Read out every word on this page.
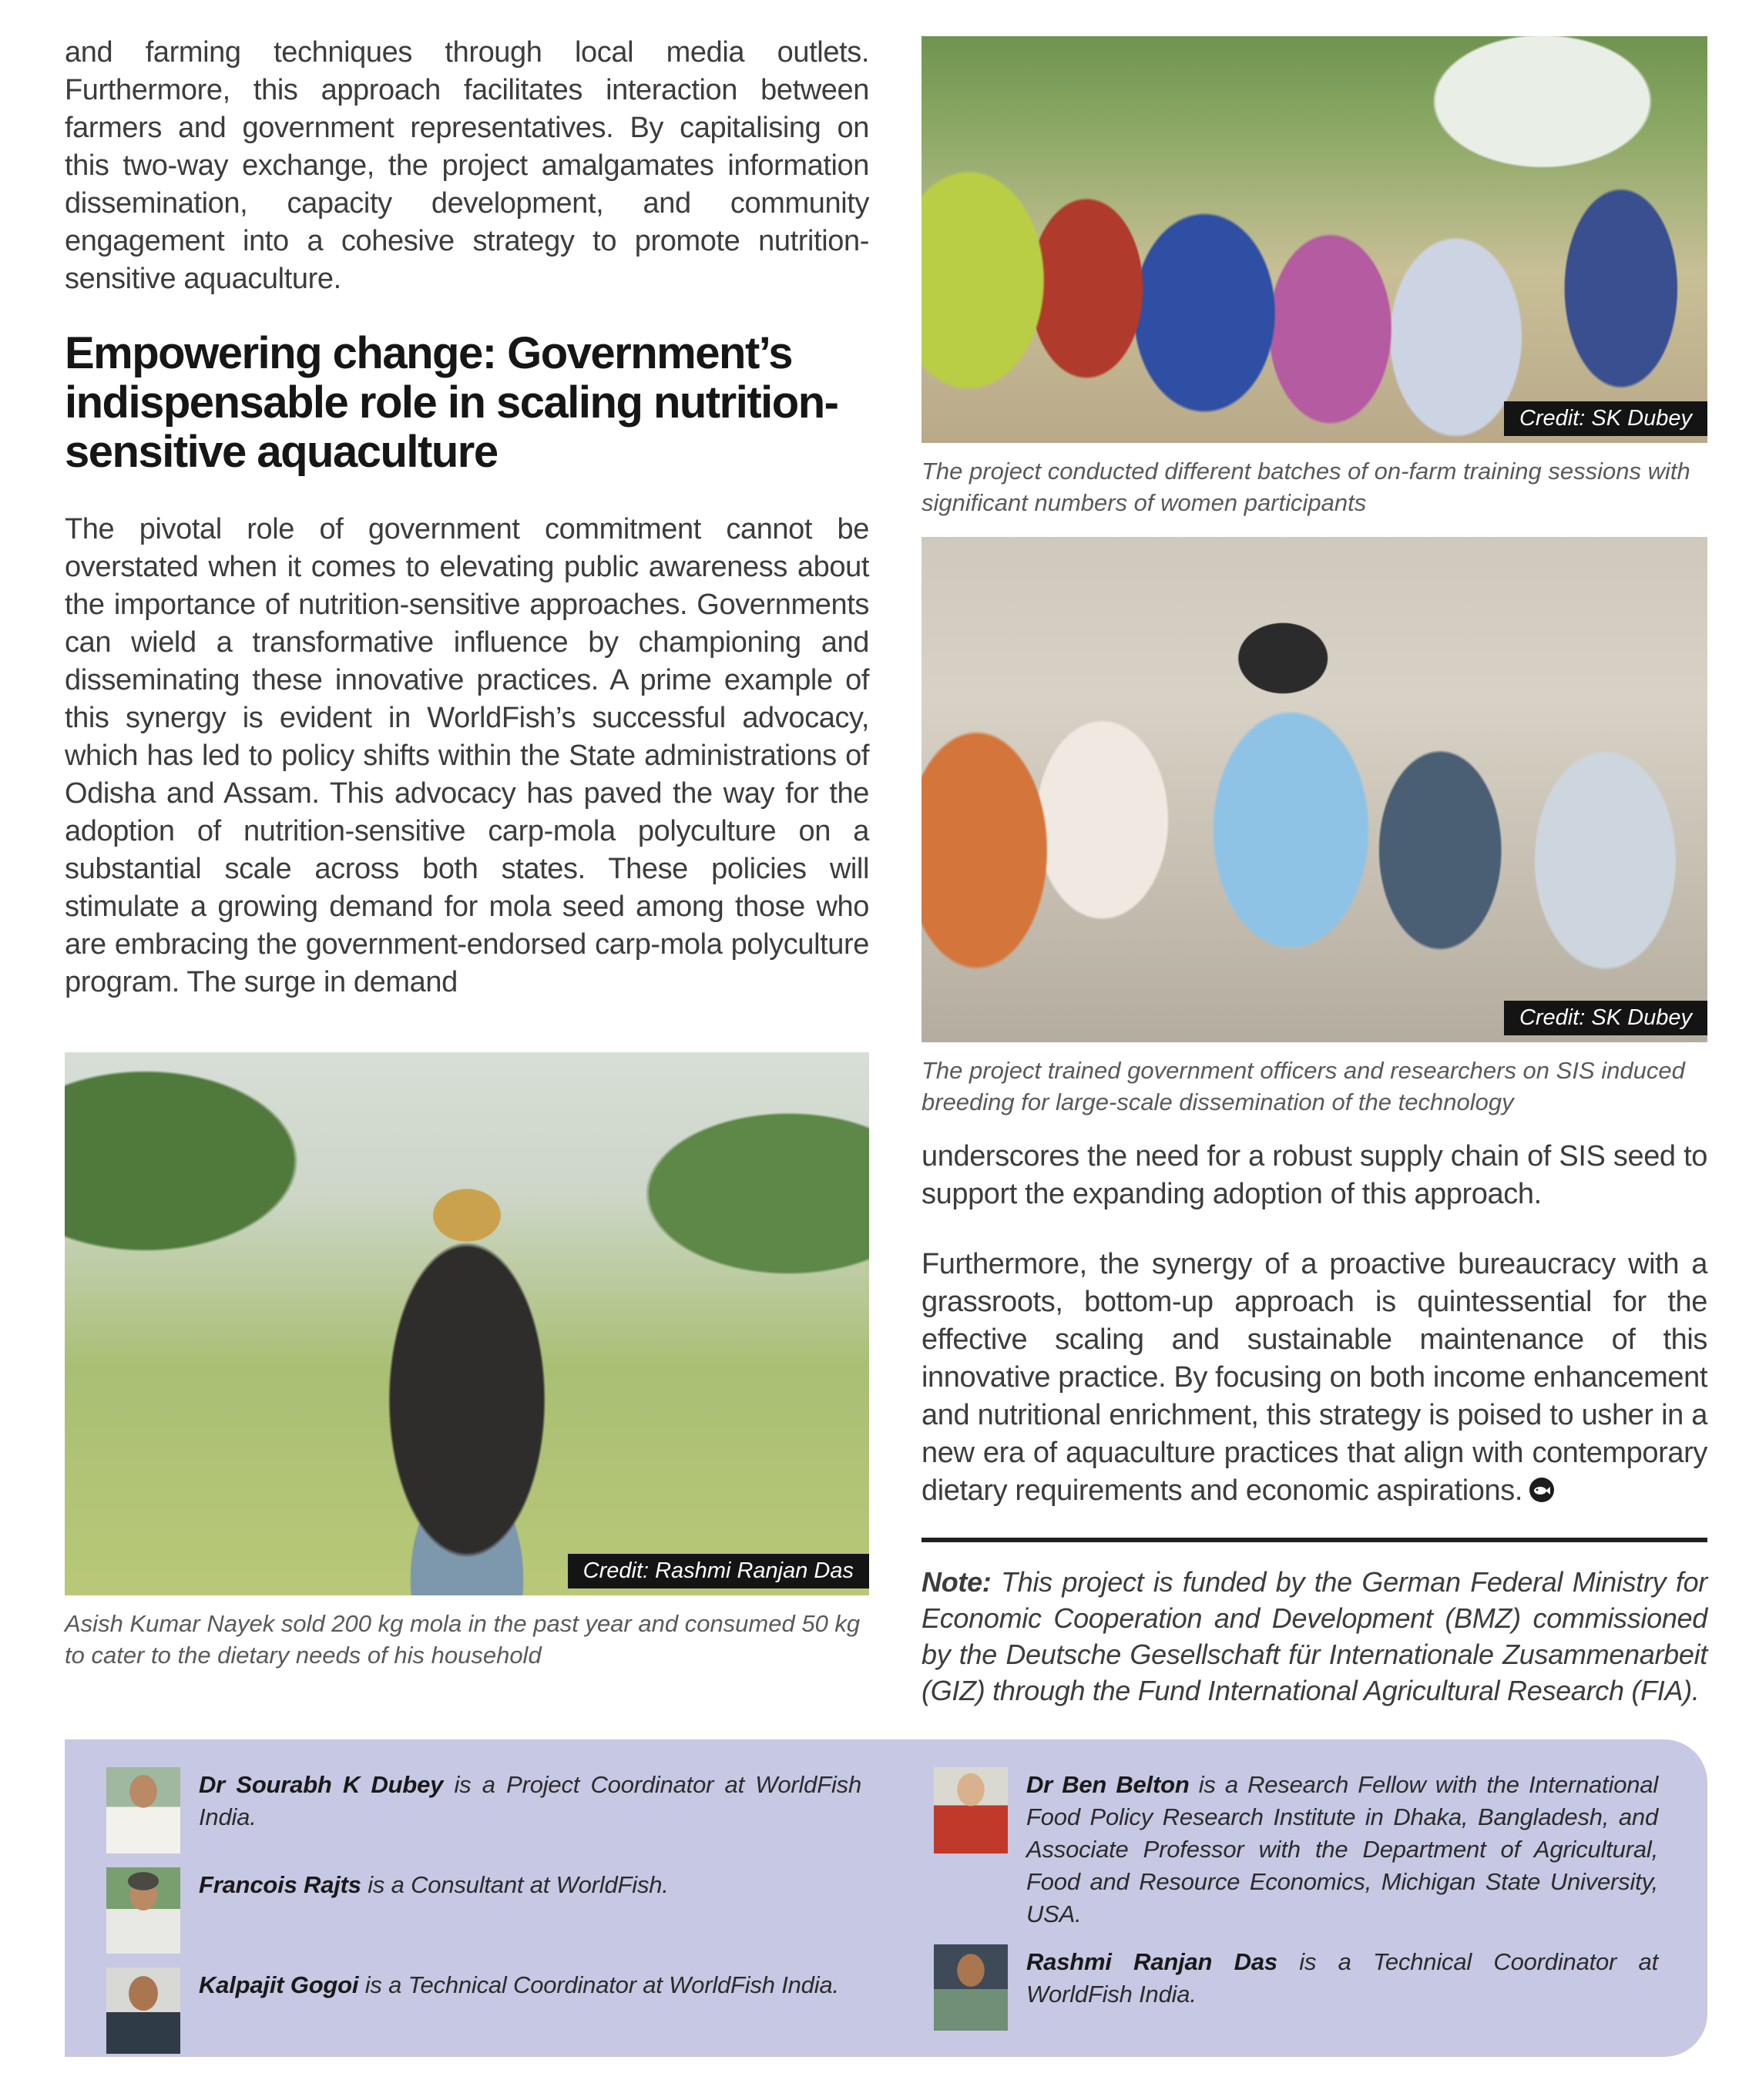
and farming techniques through local media outlets. Furthermore, this approach facilitates interaction between farmers and government representatives. By capitalising on this two-way exchange, the project amalgamates information dissemination, capacity development, and community engagement into a cohesive strategy to promote nutrition-sensitive aquaculture.

Empowering change: Government’s indispensable role in scaling nutrition-sensitive aquaculture

The pivotal role of government commitment cannot be overstated when it comes to elevating public awareness about the importance of nutrition-sensitive approaches. Governments can wield a transformative influence by championing and disseminating these innovative practices. A prime example of this synergy is evident in WorldFish’s successful advocacy, which has led to policy shifts within the State administrations of Odisha and Assam. This advocacy has paved the way for the adoption of nutrition-sensitive carp-mola polyculture on a substantial scale across both states. These policies will stimulate a growing demand for mola seed among those who are embracing the government-endorsed carp-mola polyculture program. The surge in demand

Credit: Rashmi Ranjan Das
Asish Kumar Nayek sold 200 kg mola in the past year and consumed 50 kg to cater to the dietary needs of his household
Credit: SK Dubey
The project conducted different batches of on-farm training sessions with significant numbers of women participants
Credit: SK Dubey
The project trained government officers and researchers on SIS induced breeding for large-scale dissemination of the technology

underscores the need for a robust supply chain of SIS seed to support the expanding adoption of this approach.

Furthermore, the synergy of a proactive bureaucracy with a grassroots, bottom-up approach is quintessential for the effective scaling and sustainable maintenance of this innovative practice. By focusing on both income enhancement and nutritional enrichment, this strategy is poised to usher in a new era of aquaculture practices that align with contemporary dietary requirements and economic aspirations.

Note: This project is funded by the German Federal Ministry for Economic Cooperation and Development (BMZ) commissioned by the Deutsche Gesellschaft für Internationale Zusammenarbeit (GIZ) through the Fund International Agricultural Research (FIA).

Dr Sourabh K Dubey is a Project Coordinator at WorldFish India.
Francois Rajts is a Consultant at WorldFish.
Kalpajit Gogoi is a Technical Coordinator at WorldFish India.
Dr Ben Belton is a Research Fellow with the International Food Policy Research Institute in Dhaka, Bangladesh, and Associate Professor with the Department of Agricultural, Food and Resource Economics, Michigan State University, USA.
Rashmi Ranjan Das is a Technical Coordinator at WorldFish India.
